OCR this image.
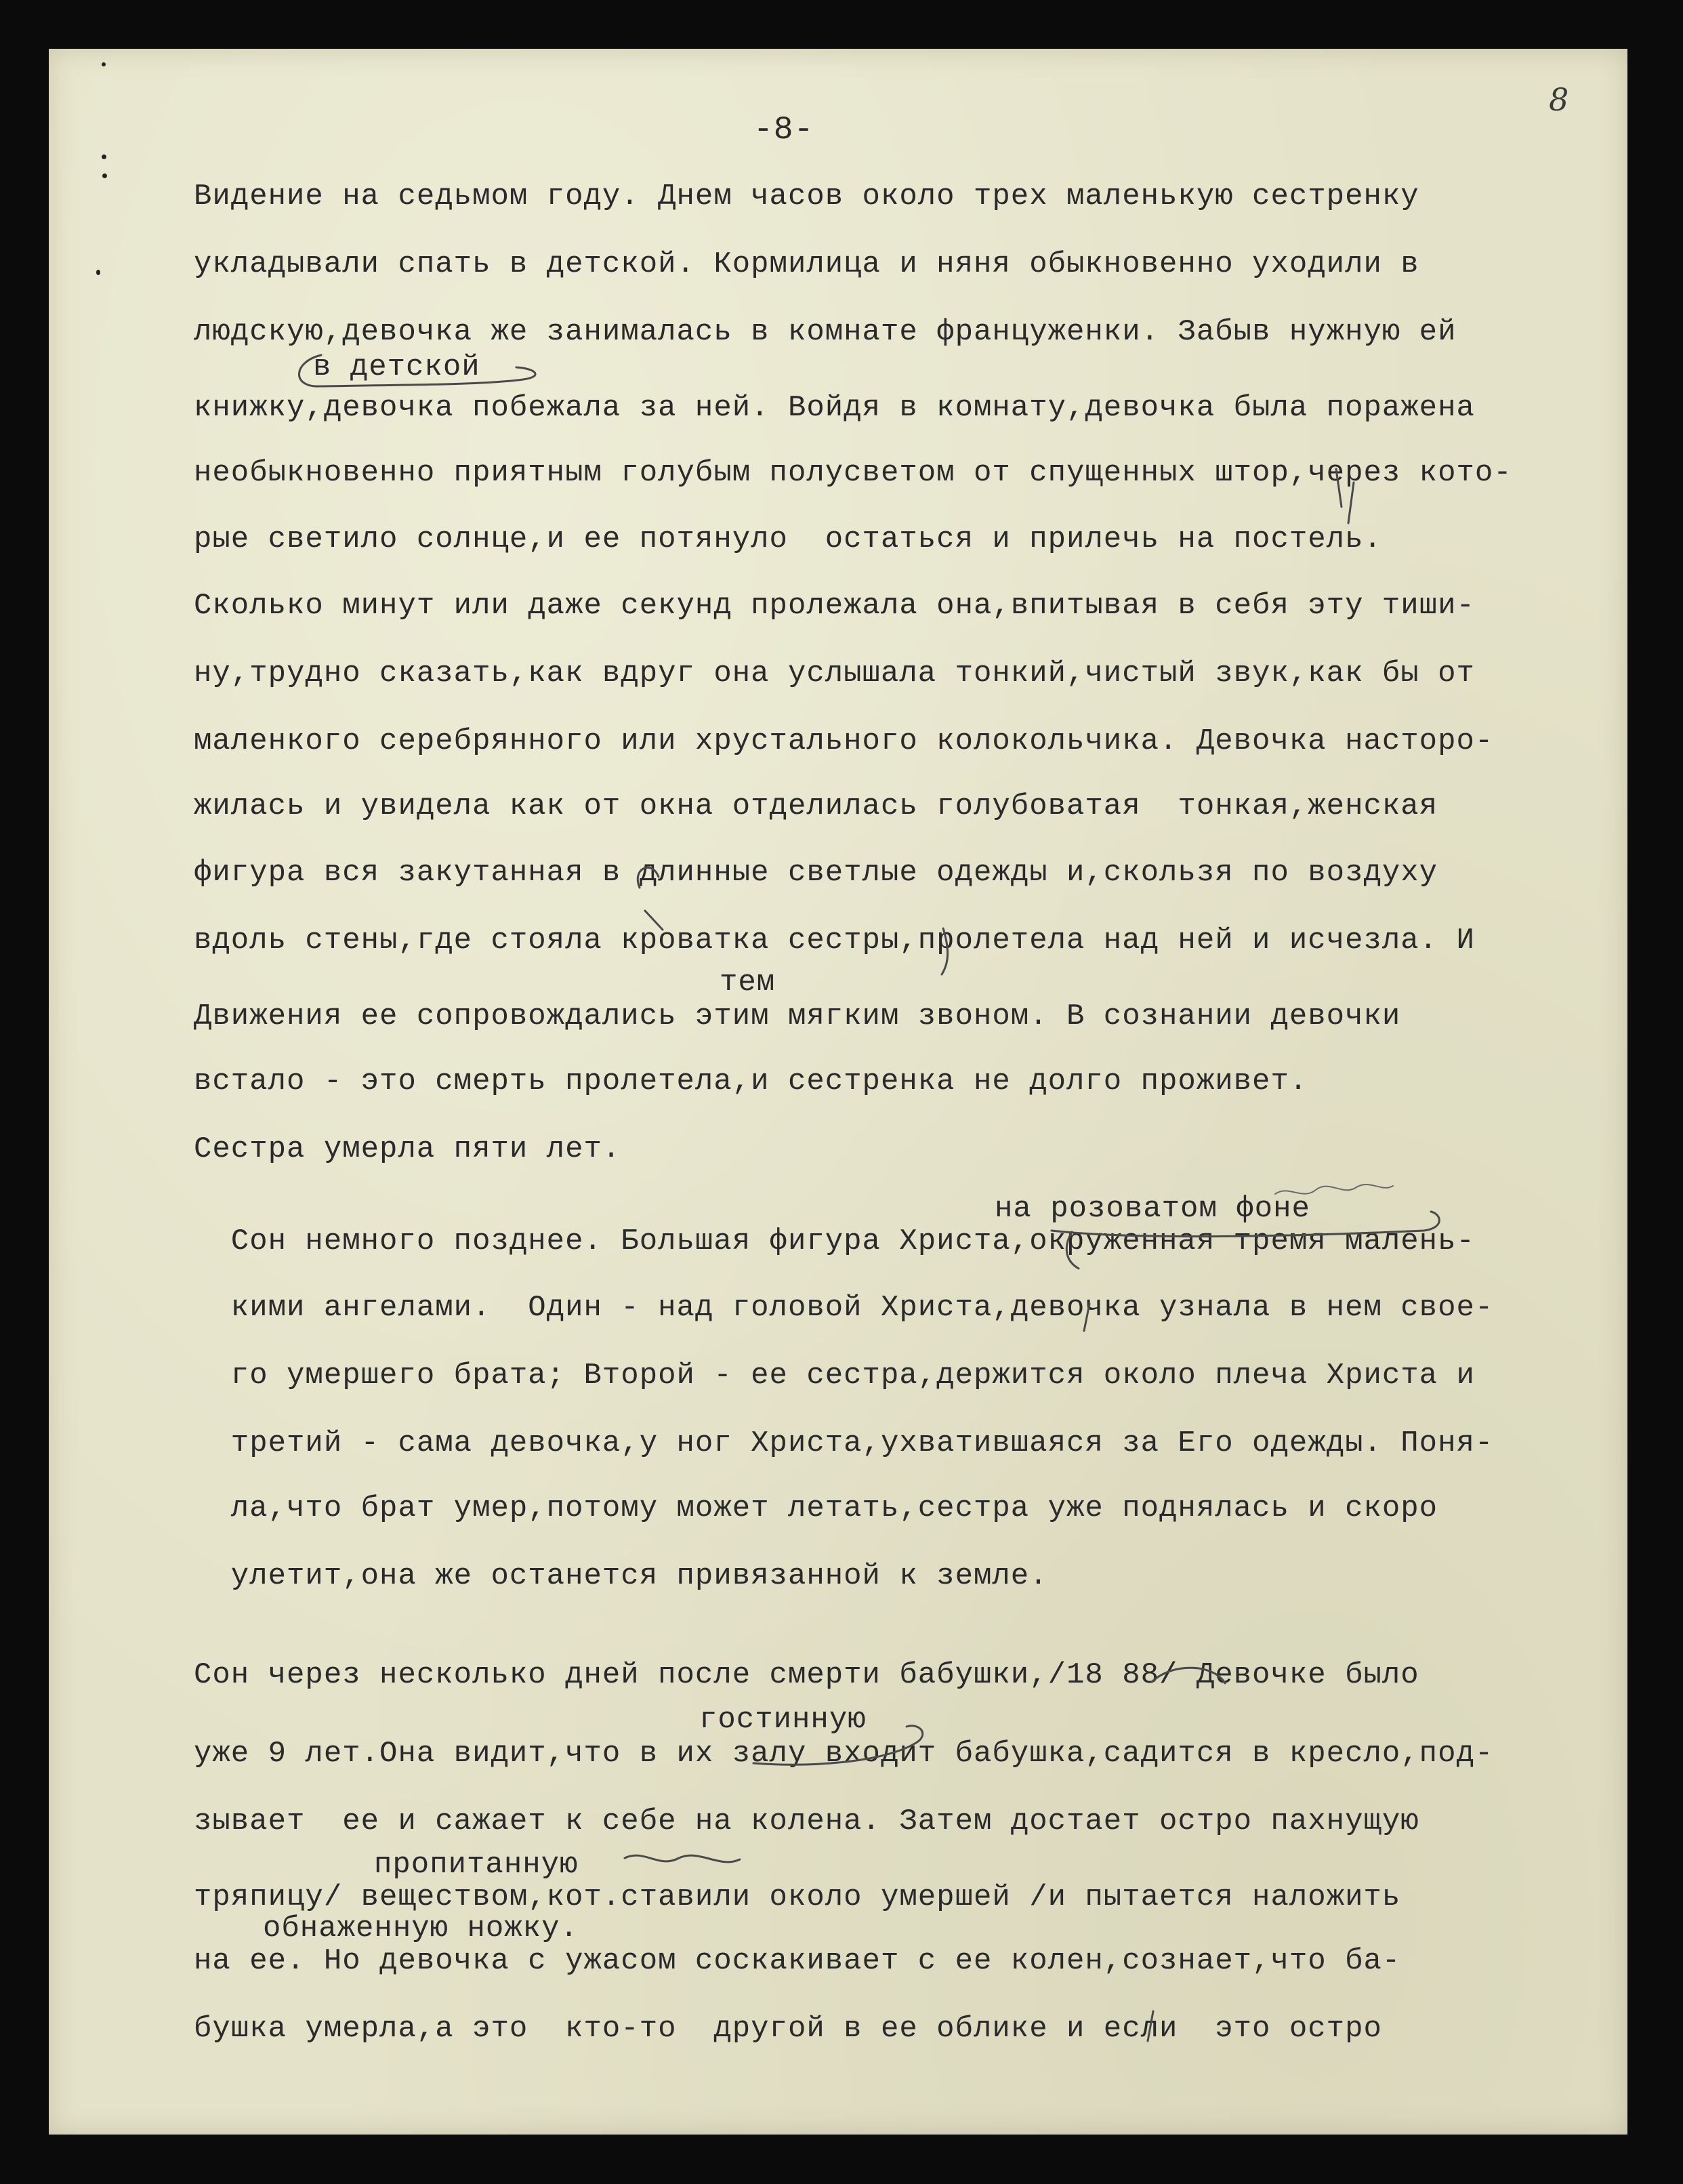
8
-8-
Видение на седьмом году. Днем часов около трех маленькую сестренку
укладывали спать в детской. Кормилица и няня обыкновенно уходили в
людскую,девочка же занималась в комнате француженки. Забыв нужную ей
книжку,девочка побежала за ней. Войдя в комнату,девочка была поражена
необыкновенно приятным голубым полусветом от спущенных штор,через кото-
рые светило солнце,и ее потянуло  остаться и прилечь на постель.
Сколько минут или даже секунд пролежала она,впитывая в себя эту тиши-
ну,трудно сказать,как вдруг она услышала тонкий,чистый звук,как бы от
маленкого серебрянного или хрустального колокольчика. Девочка насторо-
жилась и увидела как от окна отделилась голубоватая  тонкая,женская
фигура вся закутанная в длинные светлые одежды и,скользя по воздуху
вдоль стены,где стояла кроватка сестры,пролетела над ней и исчезла. И
Движения ее сопровождались этим мягким звоном. В сознании девочки
встало - это смерть пролетела,и сестренка не долго проживет.
Сестра умерла пяти лет.
Сон немного позднее. Большая фигура Христа,окруженная тремя малень-
кими ангелами.  Один - над головой Христа,девочка узнала в нем свое-
го умершего брата; Второй - ее сестра,держится около плеча Христа и
третий - сама девочка,у ног Христа,ухватившаяся за Его одежды. Поня-
ла,что брат умер,потому может летать,сестра уже поднялась и скоро
улетит,она же останется привязанной к земле.
Сон через несколько дней после смерти бабушки,/18 88/ Девочке было
уже 9 лет.Она видит,что в их залу входит бабушка,садится в кресло,под-
зывает  ее и сажает к себе на колена. Затем достает остро пахнущую
тряпицу/ веществом,кот.ставили около умершей /и пытается наложить
на ее. Но девочка с ужасом соскакивает с ее колен,сознает,что ба-
бушка умерла,а это  кто-то  другой в ее облике и если  это остро
в детской
тем
на розоватом фоне
гостинную
пропитанную
обнаженную ножку.
